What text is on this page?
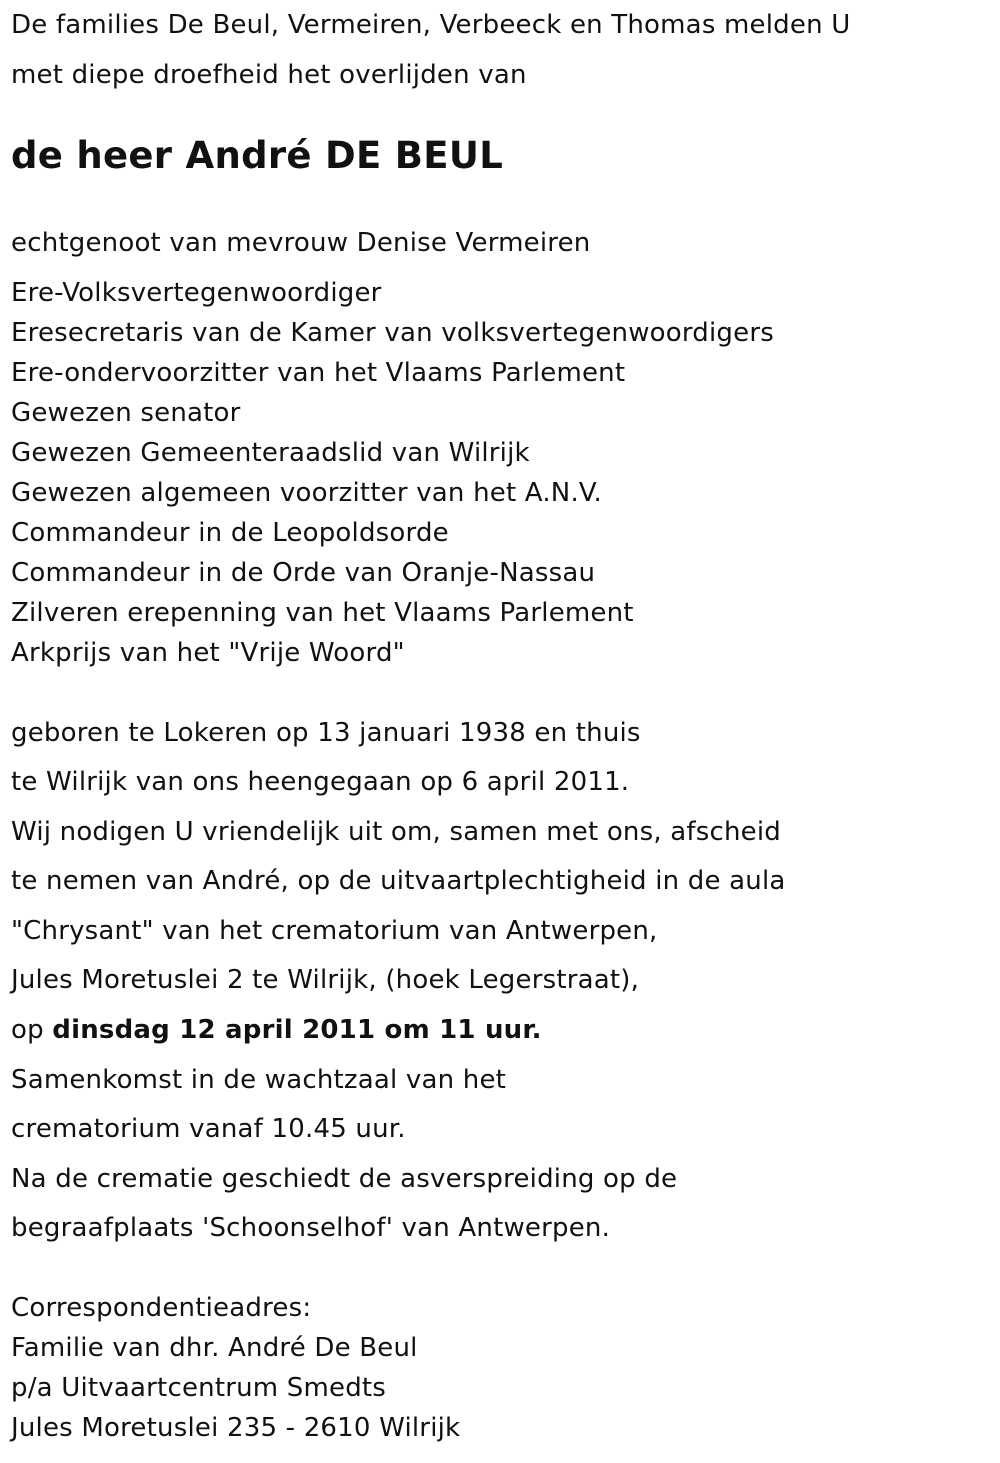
De families De Beul, Vermeiren, Verbeeck en Thomas melden U
met diepe droefheid het overlijden van
de heer André DE BEUL
echtgenoot van mevrouw Denise Vermeiren
Ere-Volksvertegenwoordiger
Eresecretaris van de Kamer van volksvertegenwoordigers
Ere-ondervoorzitter van het Vlaams Parlement
Gewezen senator
Gewezen Gemeenteraadslid van Wilrijk
Gewezen algemeen voorzitter van het A.N.V.
Commandeur in de Leopoldsorde
Commandeur in de Orde van Oranje-Nassau
Zilveren erepenning van het Vlaams Parlement
Arkprijs van het "Vrije Woord"
geboren te Lokeren op 13 januari 1938 en thuis
te Wilrijk van ons heengegaan op 6 april 2011.
Wij nodigen U vriendelijk uit om, samen met ons, afscheid
te nemen van André, op de uitvaartplechtigheid in de aula
"Chrysant" van het crematorium van Antwerpen,
Jules Moretuslei 2 te Wilrijk, (hoek Legerstraat),
op dinsdag 12 april 2011 om 11 uur.
Samenkomst in de wachtzaal van het
crematorium vanaf 10.45 uur.
Na de crematie geschiedt de asverspreiding op de
begraafplaats 'Schoonselhof' van Antwerpen.
Correspondentieadres:
Familie van dhr. André De Beul
p/a Uitvaartcentrum Smedts
Jules Moretuslei 235 - 2610 Wilrijk
